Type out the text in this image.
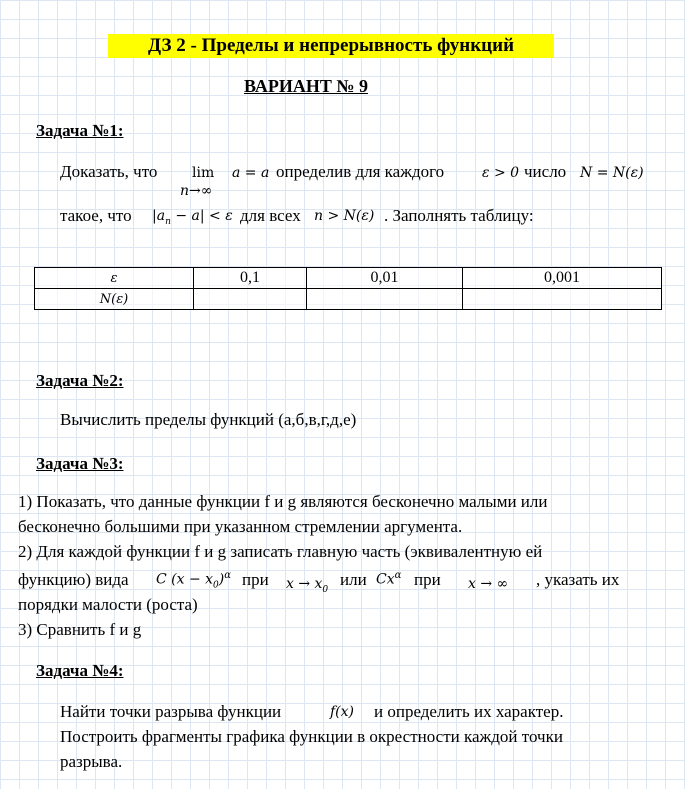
ДЗ 2 - Пределы и непрерывность функций
ВАРИАНТ № 9
Задача №1:
Доказать, что lim a = a
n→∞
определив для каждого	ε > 0 число N = N(ε)
такое, что $|a_n - a| < \varepsilon$ для всех n > N(ε) . Заполнять таблицу:
ε	0,1	0,01	0,001
N(ε)			
Задача №2:
Вычислить пределы функций (а,б,в,г,д,е)
Задача №3:
1) Показать, что данные функции f и g являются бесконечно малыми или
бесконечно большими при указанном стремлении аргумента.
2) Для каждой функции f и g записать главную часть (эквивалентную ей
функцию) вида C $(x - x_0)^\alpha$ при $x \to x_0$
или $Cx^\alpha$ при x → ∞ , указать их
порядки малости (роста)
3) Сравнить f и g
Задача №4:
Найти точки разрыва функции	f(x) и определить их характер.
Построить фрагменты графика функции в окрестности каждой точки
разрыва.
